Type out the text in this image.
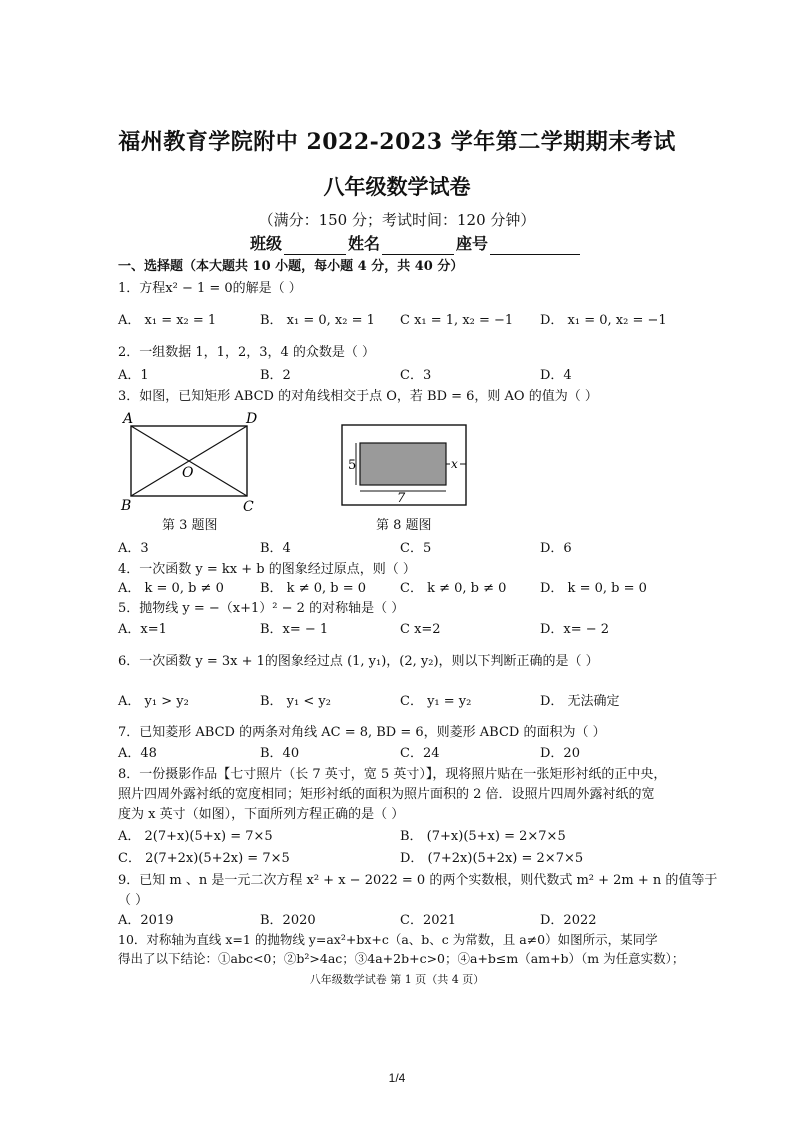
福州教育学院附中 2022-2023 学年第二学期期末考试
八年级数学试卷
（满分：150 分；考试时间：120 分钟）
班级	姓名	座号
一、选择题（本大题共 10 小题，每小题 4 分，共 40 分）
1．方程x² − 1 = 0的解是（ ）
A． x₁ = x₂ = 1	B． x₁ = 0, x₂ = 1 C x₁ = 1, x₂ = −1 D． x₁ = 0, x₂ = −1
2．一组数据 1，1，2，3，4 的众数是（ ）
A．1	B．2	C．3	D．4
3．如图，已知矩形 ABCD 的对角线相交于点 O，若 BD = 6，则 AO 的值为（ ）
A	D
B	C
O
第 3 题图
5
7
x
第 8 题图
A．3	B．4	C．5	D．6
4．一次函数 y = kx + b 的图象经过原点，则（ ）
A． k = 0, b ≠ 0	B． k ≠ 0, b = 0	C． k ≠ 0, b ≠ 0	D． k = 0, b = 0
5．抛物线 y = −（x+1）² − 2 的对称轴是（ ）
A．x=1	B．x= − 1	C x=2	D．x= − 2
6．一次函数 y = 3x + 1的图象经过点 (1, y₁)，(2, y₂)，则以下判断正确的是（ ）
A． y₁ > y₂	B． y₁ < y₂	C． y₁ = y₂	D． 无法确定
7．已知菱形 ABCD 的两条对角线 AC = 8, BD = 6，则菱形 ABCD 的面积为（ ）
A．48	B．40	C．24	D．20
8．一份摄影作品【七寸照片（长 7 英寸，宽 5 英寸）】，现将照片贴在一张矩形衬纸的正中央，
照片四周外露衬纸的宽度相同；矩形衬纸的面积为照片面积的 2 倍．设照片四周外露衬纸的宽
度为 x 英寸（如图），下面所列方程正确的是（ ）
A． 2(7+x)(5+x) = 7×5	B． (7+x)(5+x) = 2×7×5
C． 2(7+2x)(5+2x) = 7×5	D． (7+2x)(5+2x) = 2×7×5
9．已知 m 、n 是一元二次方程 x² + x − 2022 = 0 的两个实数根，则代数式 m² + 2m + n 的值等于
（ ）
A．2019	B．2020	C．2021	D．2022
10．对称轴为直线 x=1 的抛物线 y=ax²+bx+c（a、b、c 为常数，且 a≠0）如图所示，某同学
得出了以下结论：①abc<0；②b²>4ac；③4a+2b+c>0；④a+b≤m（am+b）（m 为任意实数）；
八年级数学试卷 第 1 页（共 4 页）
1/4
